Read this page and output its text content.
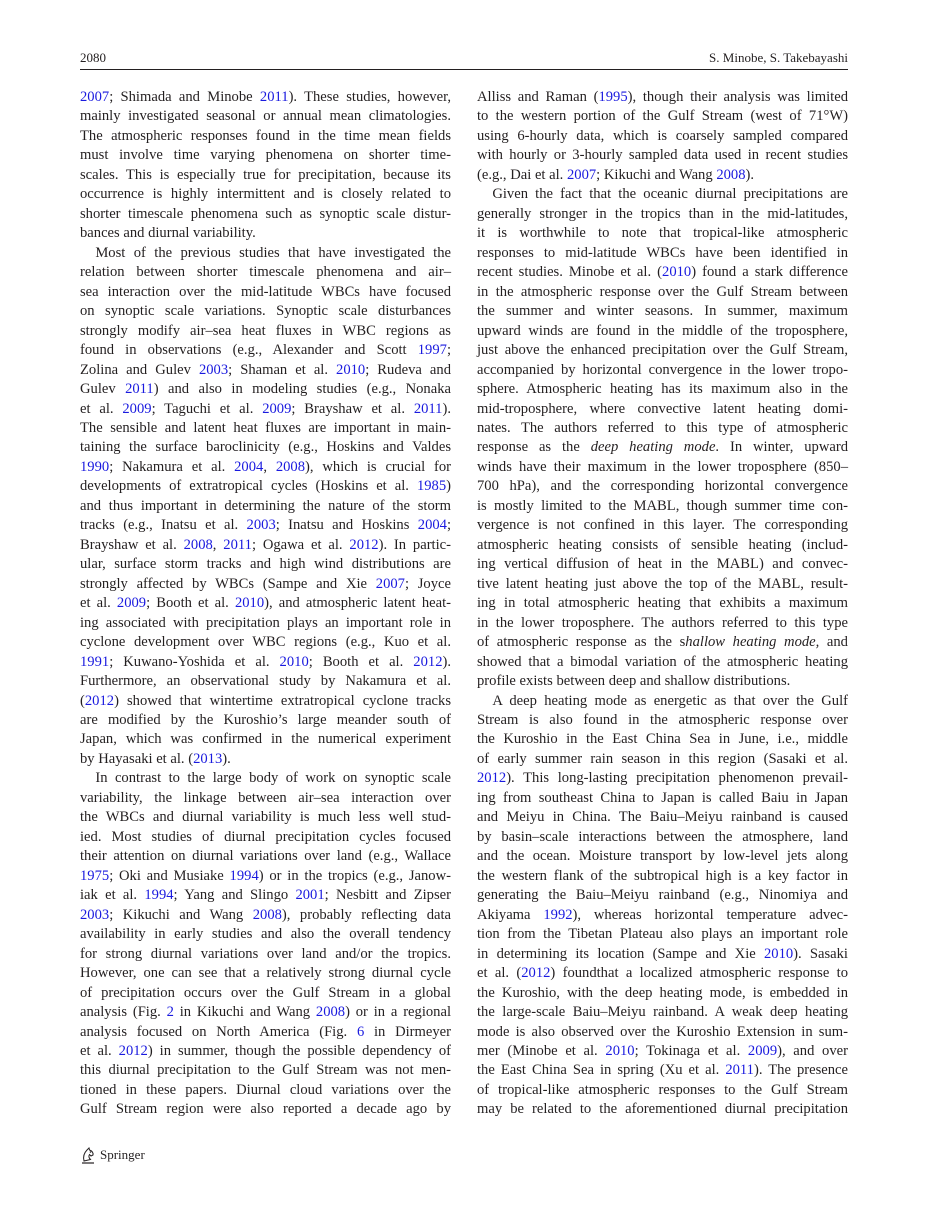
2080	S. Minobe, S. Takebayashi

2007; Shimada and Minobe 2011). These studies, however,
mainly investigated seasonal or annual mean climatologies.
The atmospheric responses found in the time mean fields
must involve time varying phenomena on shorter time-
scales. This is especially true for precipitation, because its
occurrence is highly intermittent and is closely related to
shorter timescale phenomena such as synoptic scale distur-
bances and diurnal variability.

Most of the previous studies that have investigated the
relation between shorter timescale phenomena and air–
sea interaction over the mid-latitude WBCs have focused
on synoptic scale variations. Synoptic scale disturbances
strongly modify air–sea heat fluxes in WBC regions as
found in observations (e.g., Alexander and Scott 1997;
Zolina and Gulev 2003; Shaman et al. 2010; Rudeva and
Gulev 2011) and also in modeling studies (e.g., Nonaka
et al. 2009; Taguchi et al. 2009; Brayshaw et al. 2011).
The sensible and latent heat fluxes are important in main-
taining the surface baroclinicity (e.g., Hoskins and Valdes
1990; Nakamura et al. 2004, 2008), which is crucial for
developments of extratropical cycles (Hoskins et al. 1985)
and thus important in determining the nature of the storm
tracks (e.g., Inatsu et al. 2003; Inatsu and Hoskins 2004;
Brayshaw et al. 2008, 2011; Ogawa et al. 2012). In partic-
ular, surface storm tracks and high wind distributions are
strongly affected by WBCs (Sampe and Xie 2007; Joyce
et al. 2009; Booth et al. 2010), and atmospheric latent heat-
ing associated with precipitation plays an important role in
cyclone development over WBC regions (e.g., Kuo et al.
1991; Kuwano-Yoshida et al. 2010; Booth et al. 2012).
Furthermore, an observational study by Nakamura et al.
(2012) showed that wintertime extratropical cyclone tracks
are modified by the Kuroshio’s large meander south of
Japan, which was confirmed in the numerical experiment
by Hayasaki et al. (2013).

In contrast to the large body of work on synoptic scale
variability, the linkage between air–sea interaction over
the WBCs and diurnal variability is much less well stud-
ied. Most studies of diurnal precipitation cycles focused
their attention on diurnal variations over land (e.g., Wallace
1975; Oki and Musiake 1994) or in the tropics (e.g., Janow-
iak et al. 1994; Yang and Slingo 2001; Nesbitt and Zipser
2003; Kikuchi and Wang 2008), probably reflecting data
availability in early studies and also the overall tendency
for strong diurnal variations over land and/or the tropics.
However, one can see that a relatively strong diurnal cycle
of precipitation occurs over the Gulf Stream in a global
analysis (Fig. 2 in Kikuchi and Wang 2008) or in a regional
analysis focused on North America (Fig. 6 in Dirmeyer
et al. 2012) in summer, though the possible dependency of
this diurnal precipitation to the Gulf Stream was not men-
tioned in these papers. Diurnal cloud variations over the
Gulf Stream region were also reported a decade ago by

Alliss and Raman (1995), though their analysis was limited
to the western portion of the Gulf Stream (west of 71°W)
using 6-hourly data, which is coarsely sampled compared
with hourly or 3-hourly sampled data used in recent studies
(e.g., Dai et al. 2007; Kikuchi and Wang 2008).

Given the fact that the oceanic diurnal precipitations are
generally stronger in the tropics than in the mid-latitudes,
it is worthwhile to note that tropical-like atmospheric
responses to mid-latitude WBCs have been identified in
recent studies. Minobe et al. (2010) found a stark difference
in the atmospheric response over the Gulf Stream between
the summer and winter seasons. In summer, maximum
upward winds are found in the middle of the troposphere,
just above the enhanced precipitation over the Gulf Stream,
accompanied by horizontal convergence in the lower tropo-
sphere. Atmospheric heating has its maximum also in the
mid-troposphere, where convective latent heating domi-
nates. The authors referred to this type of atmospheric
response as the deep heating mode. In winter, upward
winds have their maximum in the lower troposphere (850–
700 hPa), and the corresponding horizontal convergence
is mostly limited to the MABL, though summer time con-
vergence is not confined in this layer. The corresponding
atmospheric heating consists of sensible heating (includ-
ing vertical diffusion of heat in the MABL) and convec-
tive latent heating just above the top of the MABL, result-
ing in total atmospheric heating that exhibits a maximum
in the lower troposphere. The authors referred to this type
of atmospheric response as the shallow heating mode, and
showed that a bimodal variation of the atmospheric heating
profile exists between deep and shallow distributions.

A deep heating mode as energetic as that over the Gulf
Stream is also found in the atmospheric response over
the Kuroshio in the East China Sea in June, i.e., middle
of early summer rain season in this region (Sasaki et al.
2012). This long-lasting precipitation phenomenon prevail-
ing from southeast China to Japan is called Baiu in Japan
and Meiyu in China. The Baiu–Meiyu rainband is caused
by basin–scale interactions between the atmosphere, land
and the ocean. Moisture transport by low-level jets along
the western flank of the subtropical high is a key factor in
generating the Baiu–Meiyu rainband (e.g., Ninomiya and
Akiyama 1992), whereas horizontal temperature advec-
tion from the Tibetan Plateau also plays an important role
in determining its location (Sampe and Xie 2010). Sasaki
et al. (2012) foundthat a localized atmospheric response to
the Kuroshio, with the deep heating mode, is embedded in
the large-scale Baiu–Meiyu rainband. A weak deep heating
mode is also observed over the Kuroshio Extension in sum-
mer (Minobe et al. 2010; Tokinaga et al. 2009), and over
the East China Sea in spring (Xu et al. 2011). The presence
of tropical-like atmospheric responses to the Gulf Stream
may be related to the aforementioned diurnal precipitation

Springer
